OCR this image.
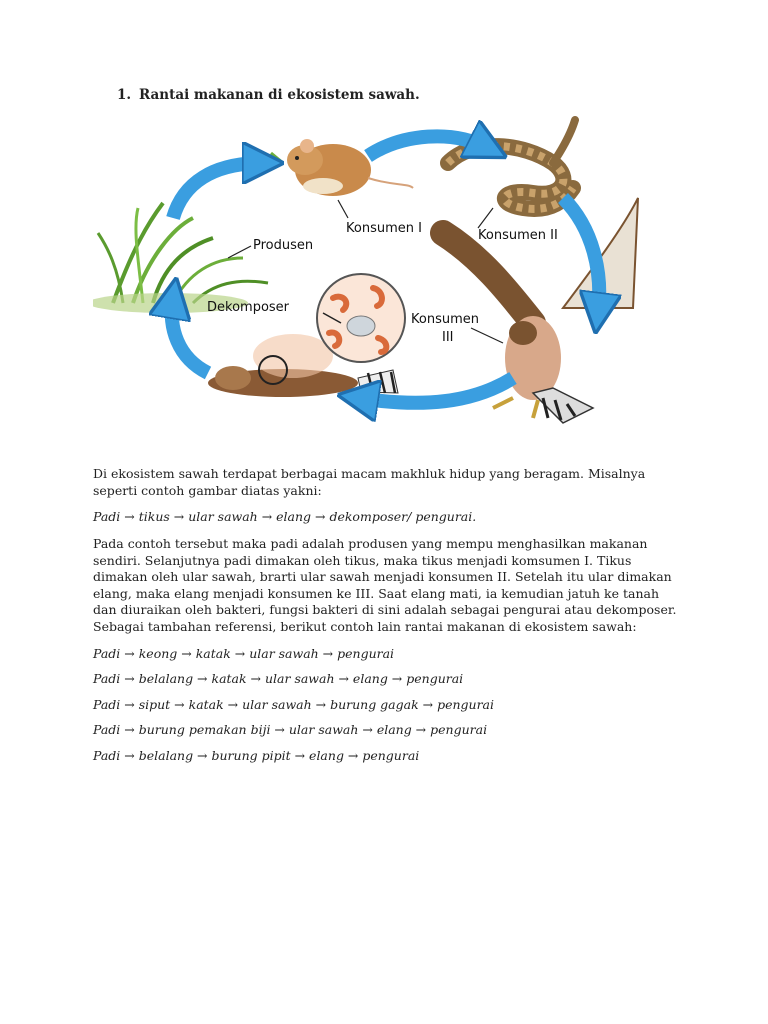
1. Rantai makanan di ekosistem sawah.
Produsen
Konsumen I	Konsumen II
Konsumen
III
Dekomposer
Di ekosistem sawah terdapat berbagai macam makhluk hidup yang beragam. Misalnya seperti contoh gambar diatas yakni:
Padi → tikus → ular sawah → elang → dekomposer/ pengurai.
Pada contoh tersebut maka padi adalah produsen yang mempu menghasilkan makanan sendiri. Selanjutnya padi dimakan oleh tikus, maka tikus menjadi komsumen I. Tikus dimakan oleh ular sawah, brarti ular sawah menjadi konsumen II. Setelah itu ular dimakan elang, maka elang menjadi konsumen ke III. Saat elang mati, ia kemudian jatuh ke tanah dan diuraikan oleh bakteri, fungsi bakteri di sini adalah sebagai pengurai atau dekomposer. Sebagai tambahan referensi, berikut contoh lain rantai makanan di ekosistem sawah:
Padi → keong → katak → ular sawah → pengurai
Padi → belalang → katak → ular sawah → elang → pengurai
Padi → siput → katak → ular sawah → burung gagak → pengurai
Padi → burung pemakan biji → ular sawah → elang → pengurai
Padi → belalang → burung pipit → elang → pengurai
